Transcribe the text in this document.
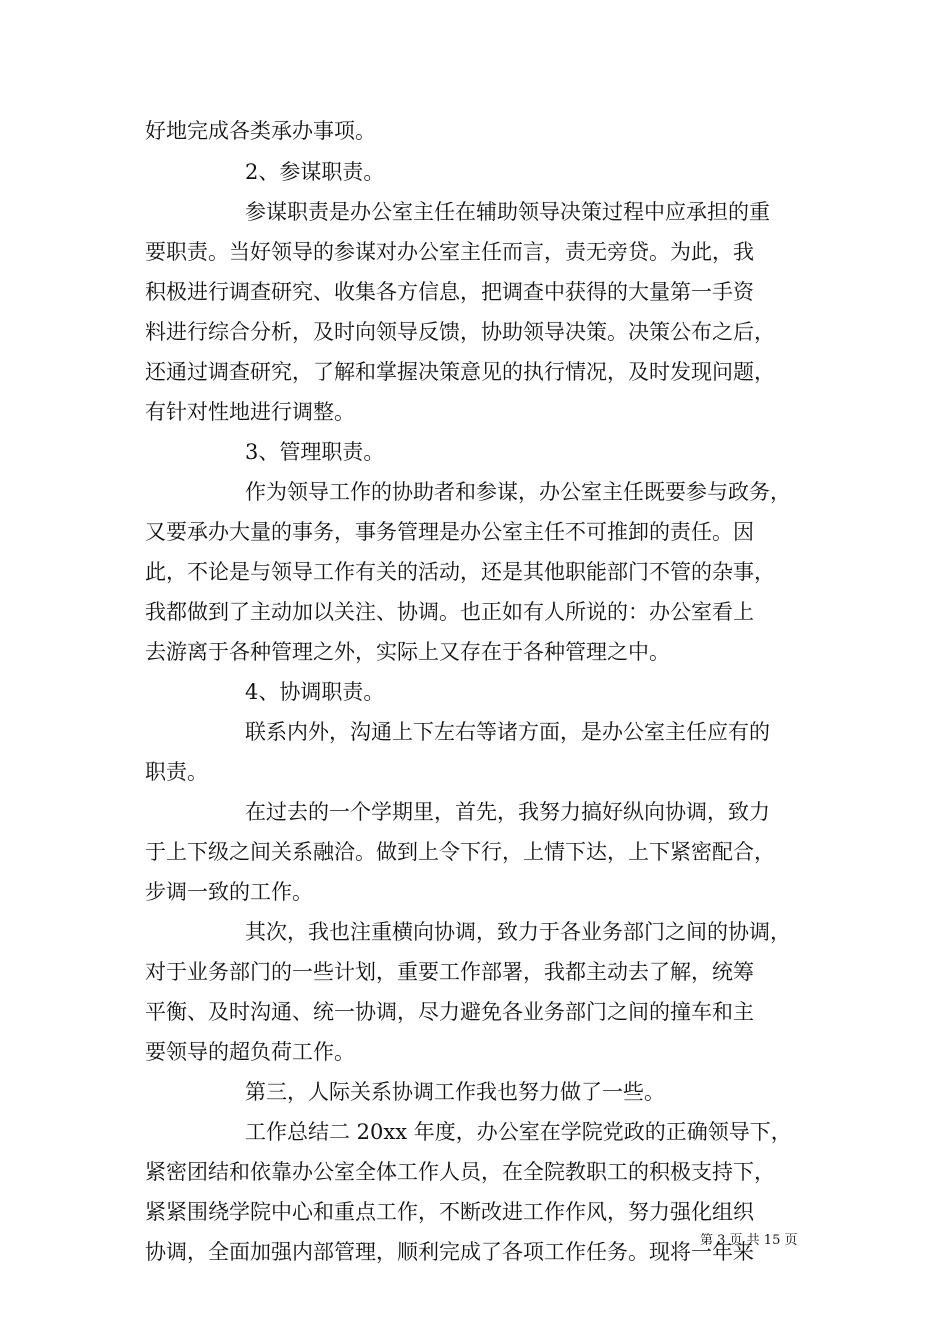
好地完成各类承办事项。
2、参谋职责。
参谋职责是办公室主任在辅助领导决策过程中应承担的重
要职责。当好领导的参谋对办公室主任而言，责无旁贷。为此，我
积极进行调查研究、收集各方信息，把调查中获得的大量第一手资
料进行综合分析，及时向领导反馈，协助领导决策。决策公布之后，
还通过调查研究，了解和掌握决策意见的执行情况，及时发现问题，
有针对性地进行调整。
3、管理职责。
作为领导工作的协助者和参谋，办公室主任既要参与政务，
又要承办大量的事务，事务管理是办公室主任不可推卸的责任。因
此，不论是与领导工作有关的活动，还是其他职能部门不管的杂事，
我都做到了主动加以关注、协调。也正如有人所说的：办公室看上
去游离于各种管理之外，实际上又存在于各种管理之中。
4、协调职责。
联系内外，沟通上下左右等诸方面，是办公室主任应有的
职责。
在过去的一个学期里，首先，我努力搞好纵向协调，致力
于上下级之间关系融洽。做到上令下行，上情下达，上下紧密配合，
步调一致的工作。
其次，我也注重横向协调，致力于各业务部门之间的协调，
对于业务部门的一些计划，重要工作部署，我都主动去了解，统筹
平衡、及时沟通、统一协调，尽力避免各业务部门之间的撞车和主
要领导的超负荷工作。
第三，人际关系协调工作我也努力做了一些。
工作总结二 20xx 年度，办公室在学院党政的正确领导下，
紧密团结和依靠办公室全体工作人员，在全院教职工的积极支持下，
紧紧围绕学院中心和重点工作，不断改进工作作风，努力强化组织
协调，全面加强内部管理，顺利完成了各项工作任务。现将一年来
第 3 页 共 15 页
